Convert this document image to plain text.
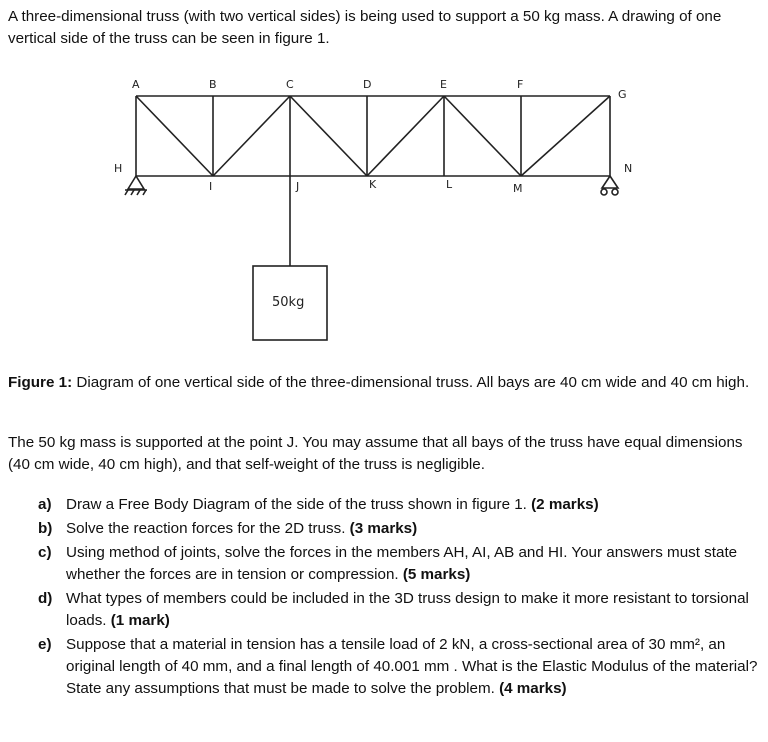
A three-dimensional truss (with two vertical sides) is being used to support a 50 kg mass. A drawing of one vertical side of the truss can be seen in figure 1.

A	B	C	D	E	F
G
H
I	J	K	L	M
N
50kg

Figure 1: Diagram of one vertical side of the three-dimensional truss. All bays are 40 cm wide and 40 cm high.

The 50 kg mass is supported at the point J. You may assume that all bays of the truss have equal dimensions (40 cm wide, 40 cm high), and that self-weight of the truss is negligible.

a) Draw a Free Body Diagram of the side of the truss shown in figure 1. (2 marks)
b) Solve the reaction forces for the 2D truss. (3 marks)
c) Using method of joints, solve the forces in the members AH, AI, AB and HI. Your answers must state whether the forces are in tension or compression. (5 marks)
d) What types of members could be included in the 3D truss design to make it more resistant to torsional loads. (1 mark)
e) Suppose that a material in tension has a tensile load of 2 kN, a cross-sectional area of 30 mm², an original length of 40 mm, and a final length of 40.001 mm . What is the Elastic Modulus of the material? State any assumptions that must be made to solve the problem. (4 marks)
